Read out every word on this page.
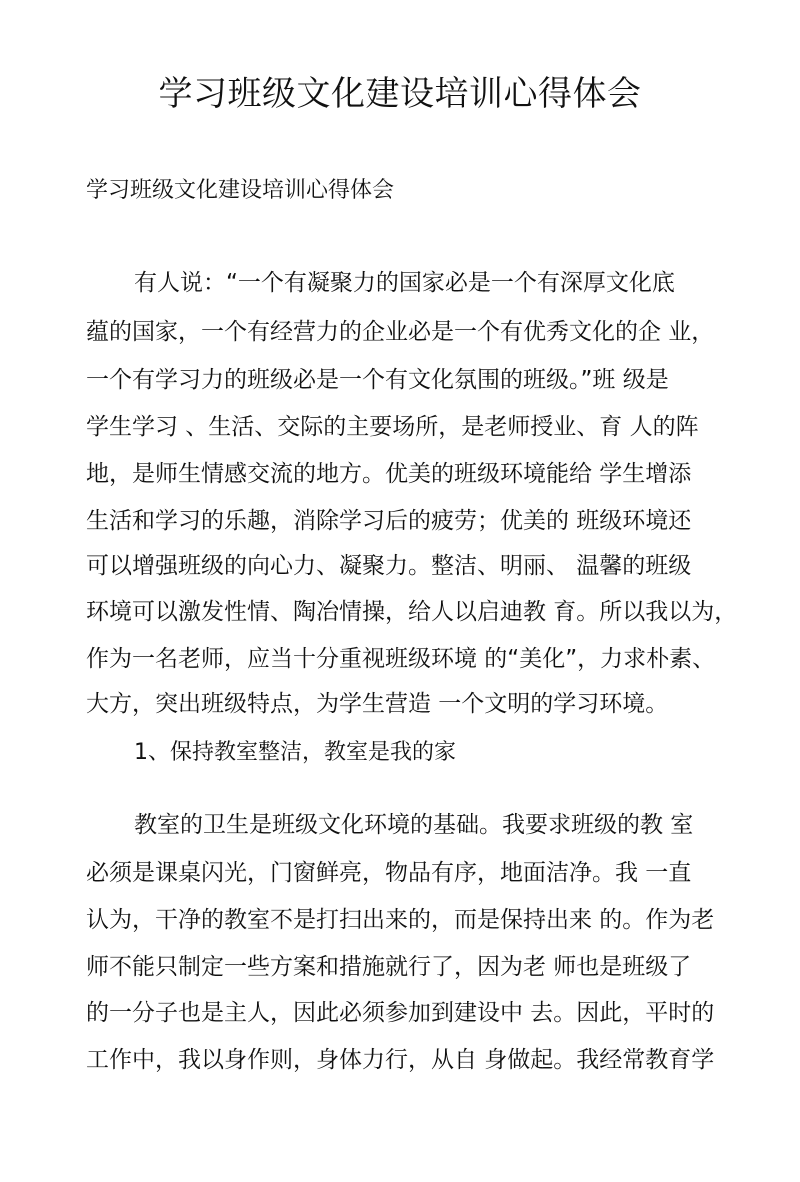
学习班级文化建设培训心得体会

学习班级文化建设培训心得体会

有人说：“一个有凝聚力的国家必是一个有深厚文化底

蕴的国家，一个有经营力的企业必是一个有优秀文化的企 业，

一个有学习力的班级必是一个有文化氛围的班级。”班 级是

学生学习 、生活、交际的主要场所，是老师授业、育 人的阵

地，是师生情感交流的地方。优美的班级环境能给 学生增添

生活和学习的乐趣，消除学习后的疲劳；优美的 班级环境还

可以增强班级的向心力、凝聚力。整洁、明丽、 温馨的班级

环境可以激发性情、陶冶情操，给人以启迪教 育。所以我以为，

作为一名老师，应当十分重视班级环境 的“美化”，力求朴素、

大方，突出班级特点，为学生营造 一个文明的学习环境。

1、保持教室整洁，教室是我的家

教室的卫生是班级文化环境的基础。我要求班级的教 室

必须是课桌闪光，门窗鲜亮，物品有序，地面洁净。我 一直

认为，干净的教室不是打扫出来的，而是保持出来 的。作为老

师不能只制定一些方案和措施就行了，因为老 师也是班级了

的一分子也是主人，因此必须参加到建设中 去。因此，平时的

工作中，我以身作则，身体力行，从自 身做起。我经常教育学
